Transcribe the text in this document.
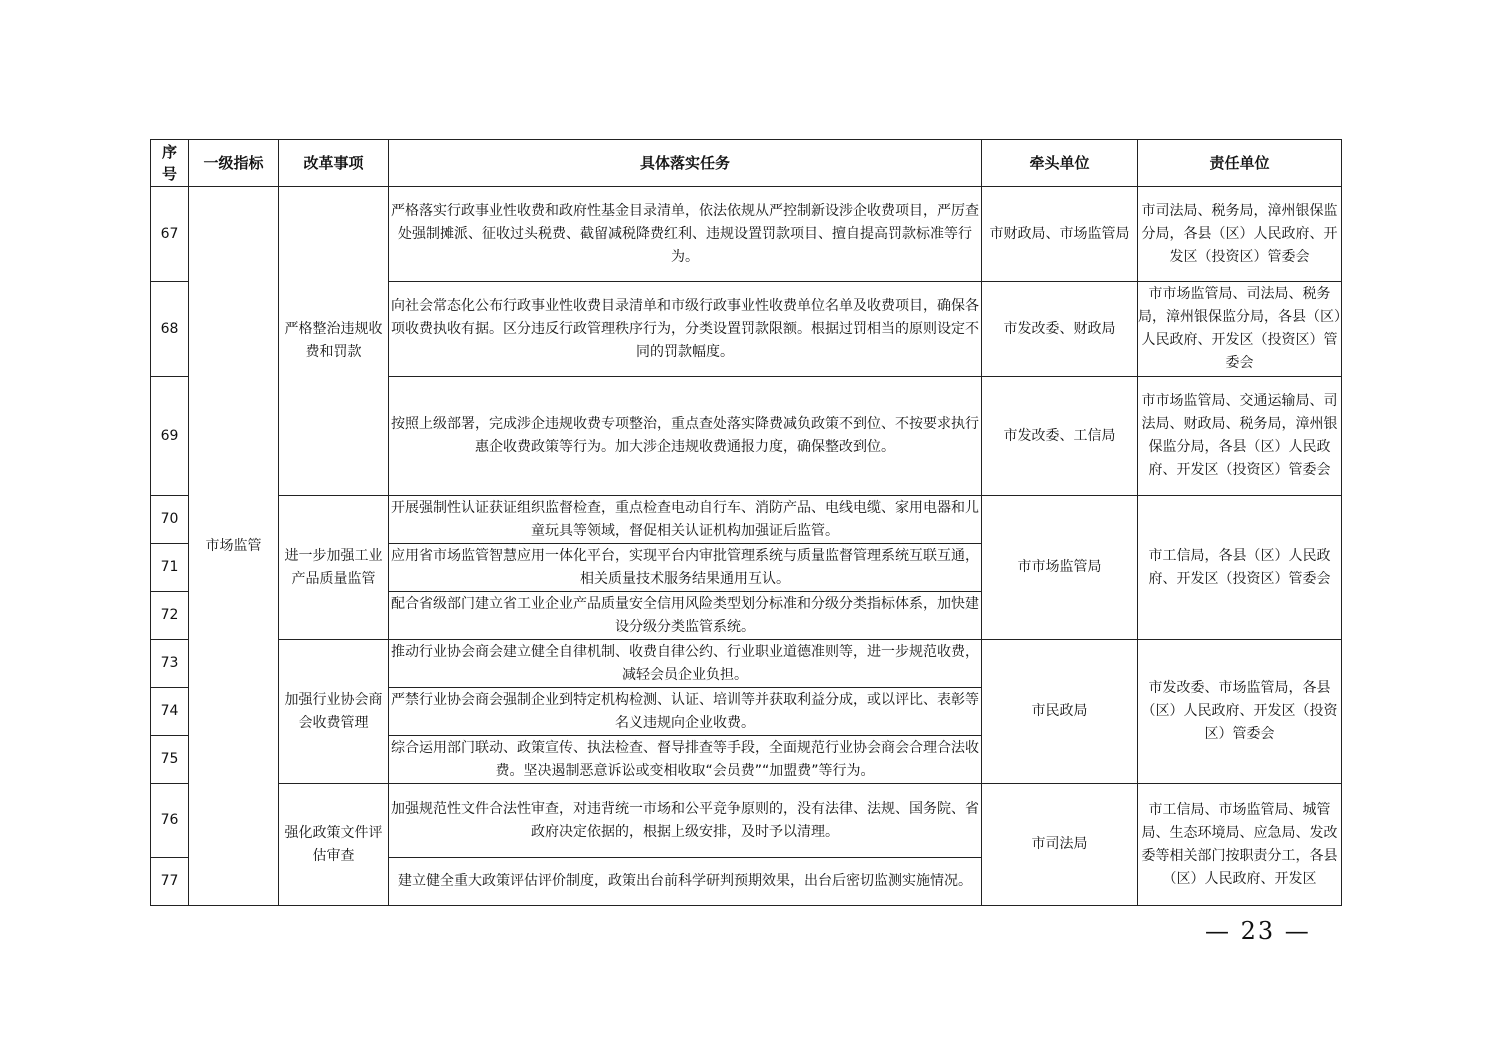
序
号	一级指标	改革事项	具体落实任务	牵头单位	责任单位
67	市场监管	严格整治违规收费和罚款	严格落实行政事业性收费和政府性基金目录清单，依法依规从严控制新设涉企收费项目，严厉查处强制摊派、征收过头税费、截留减税降费红利、违规设置罚款项目、擅自提高罚款标准等行为。	市财政局、市场监管局	市司法局、税务局，漳州银保监分局，各县（区）人民政府、开发区（投资区）管委会
68			向社会常态化公布行政事业性收费目录清单和市级行政事业性收费单位名单及收费项目，确保各项收费执收有据。区分违反行政管理秩序行为，分类设置罚款限额。根据过罚相当的原则设定不同的罚款幅度。	市发改委、财政局	市市场监管局、司法局、税务局，漳州银保监分局，各县（区）人民政府、开发区（投资区）管委会
69			按照上级部署，完成涉企违规收费专项整治，重点查处落实降费减负政策不到位、不按要求执行惠企收费政策等行为。加大涉企违规收费通报力度，确保整改到位。	市发改委、工信局	市市场监管局、交通运输局、司法局、财政局、税务局，漳州银保监分局，各县（区）人民政府、开发区（投资区）管委会
70		进一步加强工业产品质量监管	开展强制性认证获证组织监督检查，重点检查电动自行车、消防产品、电线电缆、家用电器和儿童玩具等领域，督促相关认证机构加强证后监管。	市市场监管局	市工信局，各县（区）人民政府、开发区（投资区）管委会
71			应用省市场监管智慧应用一体化平台，实现平台内审批管理系统与质量监督管理系统互联互通，相关质量技术服务结果通用互认。		
72			配合省级部门建立省工业企业产品质量安全信用风险类型划分标准和分级分类指标体系，加快建设分级分类监管系统。		
73		加强行业协会商会收费管理	推动行业协会商会建立健全自律机制、收费自律公约、行业职业道德准则等，进一步规范收费，减轻会员企业负担。	市民政局	市发改委、市场监管局，各县（区）人民政府、开发区（投资区）管委会
74			严禁行业协会商会强制企业到特定机构检测、认证、培训等并获取利益分成，或以评比、表彰等名义违规向企业收费。		
75			综合运用部门联动、政策宣传、执法检查、督导排查等手段，全面规范行业协会商会合理合法收费。坚决遏制恶意诉讼或变相收取“会员费”“加盟费”等行为。		
76		强化政策文件评估审查	加强规范性文件合法性审查，对违背统一市场和公平竞争原则的，没有法律、法规、国务院、省政府决定依据的，根据上级安排，及时予以清理。	市司法局	市工信局、市场监管局、城管局、生态环境局、应急局、发改委等相关部门按职责分工，各县（区）人民政府、开发区
77			建立健全重大政策评估评价制度，政策出台前科学研判预期效果，出台后密切监测实施情况。		
— 23 —
